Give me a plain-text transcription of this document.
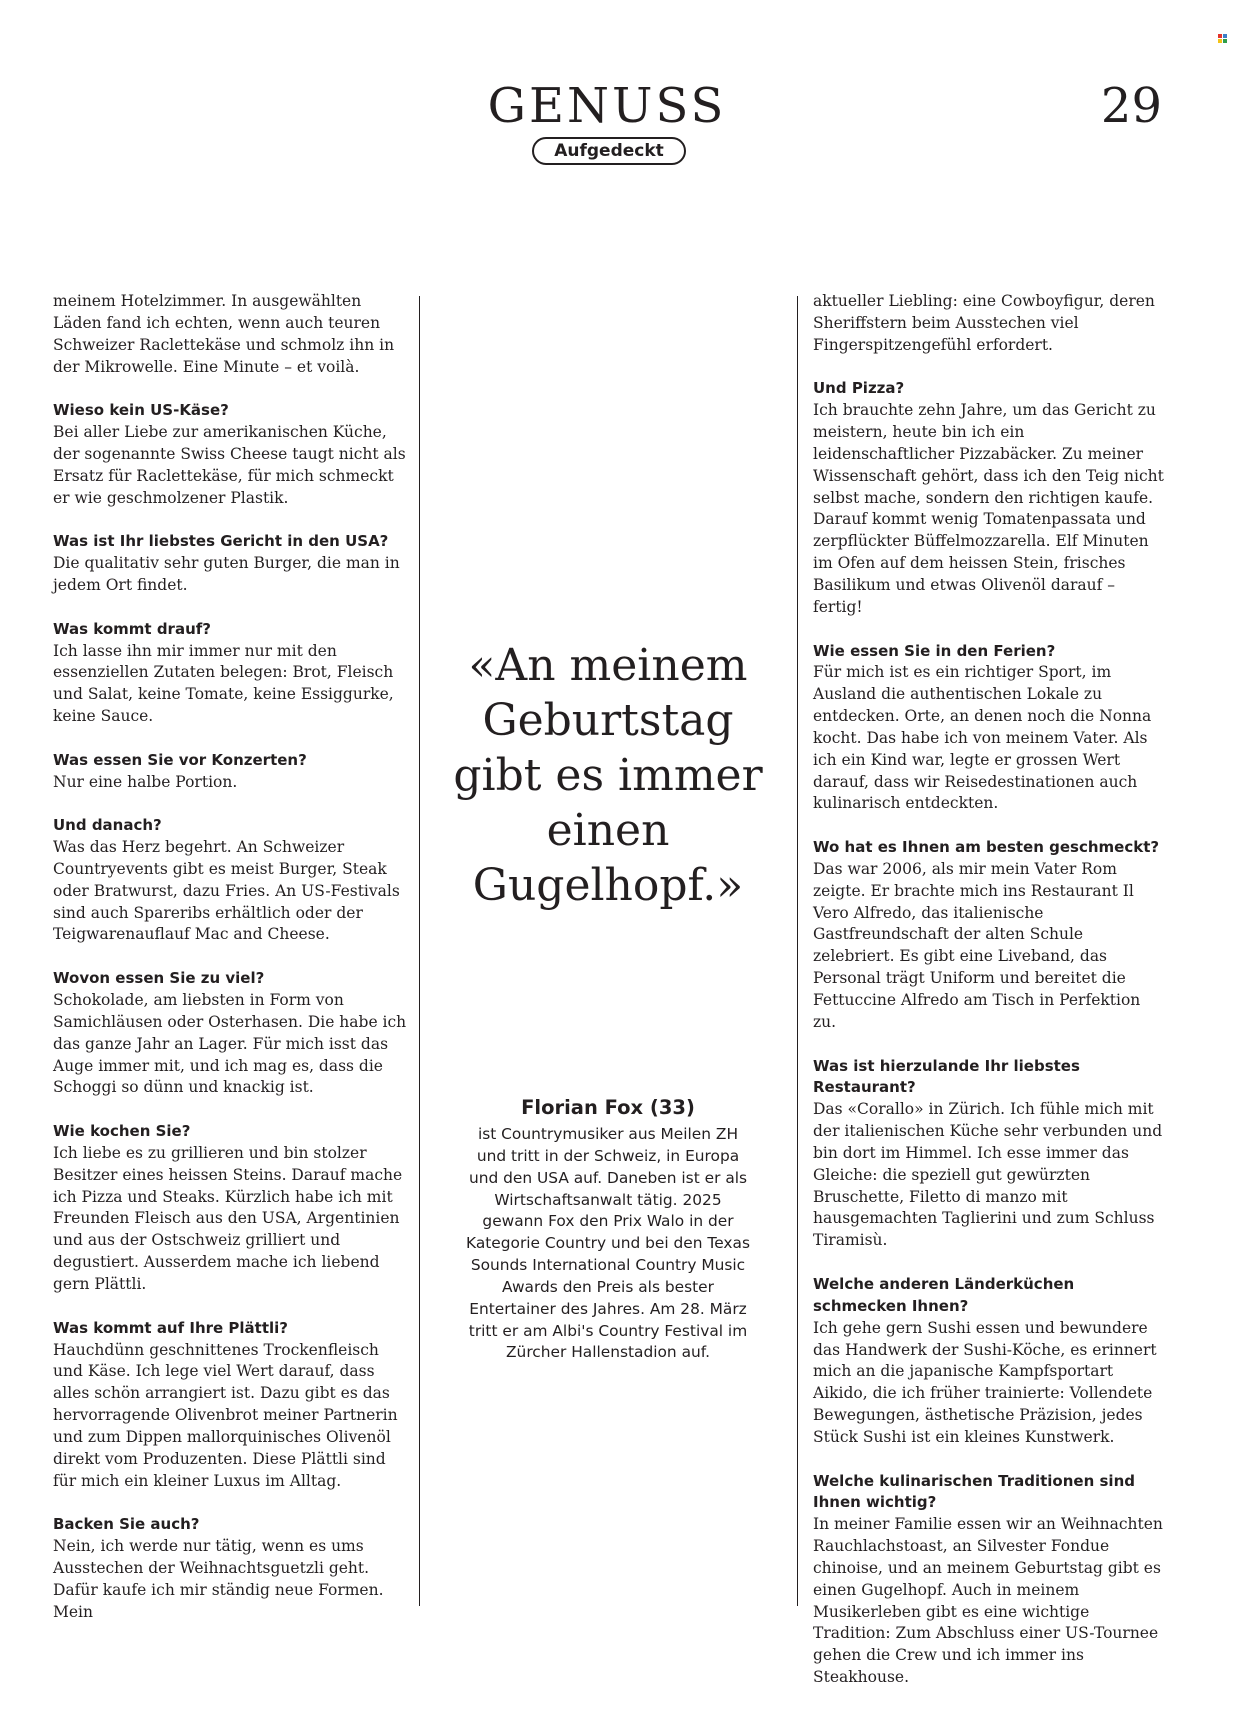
GENUSS	29
Aufgedeckt

meinem Hotelzimmer. In ausgewählten Läden fand ich echten, wenn auch teuren Schweizer Raclettekäse und schmolz ihn in der Mikrowelle. Eine Minute – et voilà.

Wieso kein US-Käse?

Bei aller Liebe zur amerikanischen Küche, der sogenannte Swiss Cheese taugt nicht als Ersatz für Raclettekäse, für mich schmeckt er wie geschmolzener Plastik.

Was ist Ihr liebstes Gericht in den USA?

Die qualitativ sehr guten Burger, die man in jedem Ort findet.

Was kommt drauf?

Ich lasse ihn mir immer nur mit den essenziellen Zutaten belegen: Brot, Fleisch und Salat, keine Tomate, keine Essiggurke, keine Sauce.

Was essen Sie vor Konzerten?

Nur eine halbe Portion.

Und danach?

Was das Herz begehrt. An Schweizer Countryevents gibt es meist Burger, Steak oder Bratwurst, dazu Fries. An US-Festivals sind auch Spareribs erhältlich oder der Teigwarenauflauf Mac and Cheese.

Wovon essen Sie zu viel?

Schokolade, am liebsten in Form von Samichläusen oder Osterhasen. Die habe ich das ganze Jahr an Lager. Für mich isst das Auge immer mit, und ich mag es, dass die Schoggi so dünn und knackig ist.

Wie kochen Sie?

Ich liebe es zu grillieren und bin stolzer Besitzer eines heissen Steins. Darauf mache ich Pizza und Steaks. Kürzlich habe ich mit Freunden Fleisch aus den USA, Argentinien und aus der Ostschweiz grilliert und degustiert. Ausserdem mache ich liebend gern Plättli.

Was kommt auf Ihre Plättli?

Hauchdünn geschnittenes Trockenfleisch und Käse. Ich lege viel Wert darauf, dass alles schön arrangiert ist. Dazu gibt es das hervorragende Olivenbrot meiner Partnerin und zum Dippen mallorquinisches Olivenöl direkt vom Produzenten. Diese Plättli sind für mich ein kleiner Luxus im Alltag.

Backen Sie auch?

Nein, ich werde nur tätig, wenn es ums Ausstechen der Weihnachtsguetzli geht. Dafür kaufe ich mir ständig neue Formen. Mein

«An meinem Geburtstag gibt es immer einen Gugelhopf.»
Florian Fox (33)
ist Countrymusiker aus Meilen ZH und tritt in der Schweiz, in Europa und den USA auf. Daneben ist er als Wirtschaftsanwalt tätig. 2025 gewann Fox den Prix Walo in der Kategorie Country und bei den Texas Sounds International Country Music Awards den Preis als bester Entertainer des Jahres. Am 28. März tritt er am Albi's Country Festival im Zürcher Hallenstadion auf.

aktueller Liebling: eine Cowboyfigur, deren Sheriffstern beim Ausstechen viel Fingerspitzengefühl erfordert.

Und Pizza?

Ich brauchte zehn Jahre, um das Gericht zu meistern, heute bin ich ein leidenschaftlicher Pizzabäcker. Zu meiner Wissenschaft gehört, dass ich den Teig nicht selbst mache, sondern den richtigen kaufe. Darauf kommt wenig Tomatenpassata und zerpflückter Büffelmozzarella. Elf Minuten im Ofen auf dem heissen Stein, frisches Basilikum und etwas Olivenöl darauf – fertig!

Wie essen Sie in den Ferien?

Für mich ist es ein richtiger Sport, im Ausland die authentischen Lokale zu entdecken. Orte, an denen noch die Nonna kocht. Das habe ich von meinem Vater. Als ich ein Kind war, legte er grossen Wert darauf, dass wir Reisedestinationen auch kulinarisch entdeckten.

Wo hat es Ihnen am besten geschmeckt?

Das war 2006, als mir mein Vater Rom zeigte. Er brachte mich ins Restaurant Il Vero Alfredo, das italienische Gastfreundschaft der alten Schule zelebriert. Es gibt eine Liveband, das Personal trägt Uniform und bereitet die Fettuccine Alfredo am Tisch in Perfektion zu.

Was ist hierzulande Ihr liebstes Restaurant?

Das «Corallo» in Zürich. Ich fühle mich mit der italienischen Küche sehr verbunden und bin dort im Himmel. Ich esse immer das Gleiche: die speziell gut gewürzten Bruschette, Filetto di manzo mit hausgemachten Taglierini und zum Schluss Tiramisù.

Welche anderen Länderküchen schmecken Ihnen?

Ich gehe gern Sushi essen und bewundere das Handwerk der Sushi-Köche, es erinnert mich an die japanische Kampfsportart Aikido, die ich früher trainierte: Vollendete Bewegungen, ästhetische Präzision, jedes Stück Sushi ist ein kleines Kunstwerk.

Welche kulinarischen Traditionen sind Ihnen wichtig?

In meiner Familie essen wir an Weihnachten Rauchlachstoast, an Silvester Fondue chinoise, und an meinem Geburtstag gibt es einen Gugelhopf. Auch in meinem Musikerleben gibt es eine wichtige Tradition: Zum Abschluss einer US-Tournee gehen die Crew und ich immer ins Steakhouse.
